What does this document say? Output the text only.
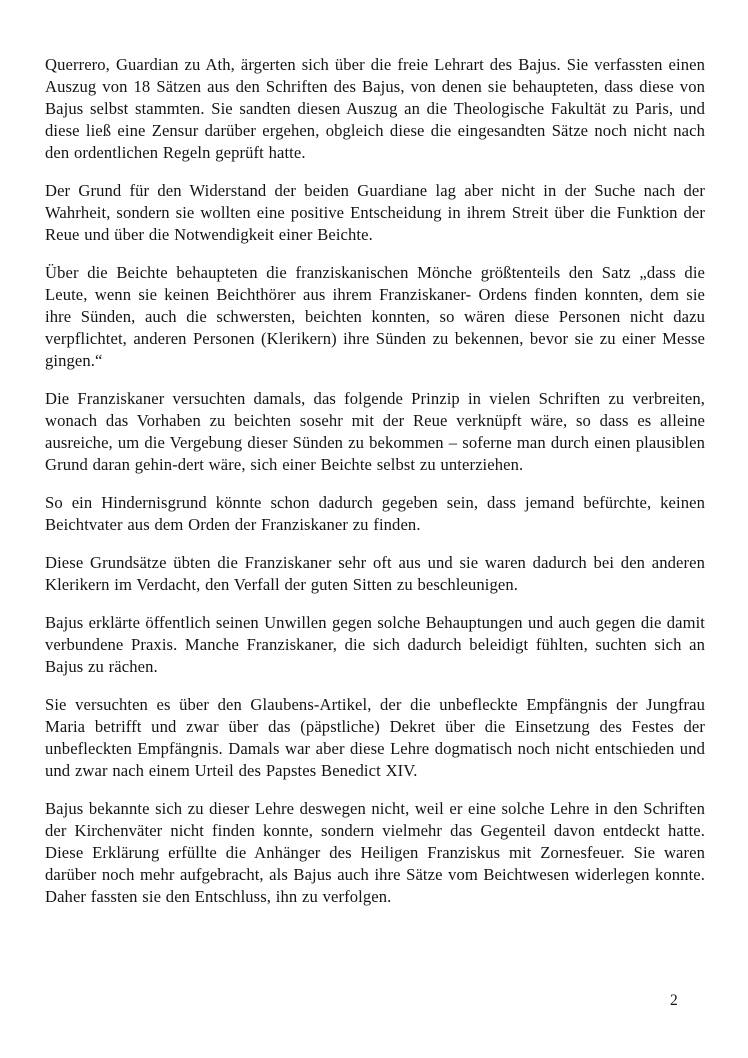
Querrero, Guardian zu Ath, ärgerten sich über die freie Lehrart des Bajus. Sie verfassten einen Auszug von 18 Sätzen aus den Schriften des Bajus, von denen sie behaupteten, dass diese von Bajus selbst stammten. Sie sandten diesen Auszug an die Theologische Fakultät zu Paris, und diese ließ eine Zensur darüber ergehen, obgleich diese die eingesandten Sätze noch nicht nach den ordentlichen Regeln geprüft hatte.

Der Grund für den Widerstand der beiden Guardiane lag aber nicht in der Suche nach der Wahrheit, sondern sie wollten eine positive Entscheidung in ihrem Streit über die Funktion der Reue und über die Notwendigkeit einer Beichte.

Über die Beichte behaupteten die franziskanischen Mönche größtenteils den Satz „dass die Leute, wenn sie keinen Beichthörer aus ihrem Franziskaner- Ordens finden konnten, dem sie ihre Sünden, auch die schwersten, beichten konnten, so wären diese Personen nicht dazu verpflichtet, anderen Personen (Klerikern) ihre Sünden zu bekennen, bevor sie zu einer Messe gingen.“

Die Franziskaner versuchten damals, das folgende Prinzip in vielen Schriften zu verbreiten, wonach das Vorhaben zu beichten sosehr mit der Reue verknüpft wäre, so dass es alleine ausreiche, um die Vergebung dieser Sünden zu bekommen – soferne man durch einen plausiblen Grund daran gehin-dert wäre, sich einer Beichte selbst zu unterziehen.

So ein Hindernisgrund könnte schon dadurch gegeben sein, dass jemand befürchte, keinen Beichtvater aus dem Orden der Franziskaner zu finden.

Diese Grundsätze übten die Franziskaner sehr oft aus und sie waren dadurch bei den anderen Klerikern im Verdacht, den Verfall der guten Sitten zu beschleunigen.

Bajus erklärte öffentlich seinen Unwillen gegen solche Behauptungen und auch gegen die damit verbundene Praxis. Manche Franziskaner, die sich dadurch beleidigt fühlten, suchten sich an Bajus zu rächen.

Sie versuchten es über den Glaubens-Artikel, der die unbefleckte Empfängnis der Jungfrau Maria betrifft und zwar über das (päpstliche) Dekret über die Einsetzung des Festes der unbefleckten Empfängnis. Damals war aber diese Lehre dogmatisch noch nicht entschieden und und zwar nach einem Urteil des Papstes Benedict XIV.

Bajus bekannte sich zu dieser Lehre deswegen nicht, weil er eine solche Lehre in den Schriften der Kirchenväter nicht finden konnte, sondern vielmehr das Gegenteil davon entdeckt hatte. Diese Erklärung erfüllte die Anhänger des Heiligen Franziskus mit Zornesfeuer. Sie waren darüber noch mehr aufgebracht, als Bajus auch ihre Sätze vom Beichtwesen widerlegen konnte. Daher fassten sie den Entschluss, ihn zu verfolgen.

2
